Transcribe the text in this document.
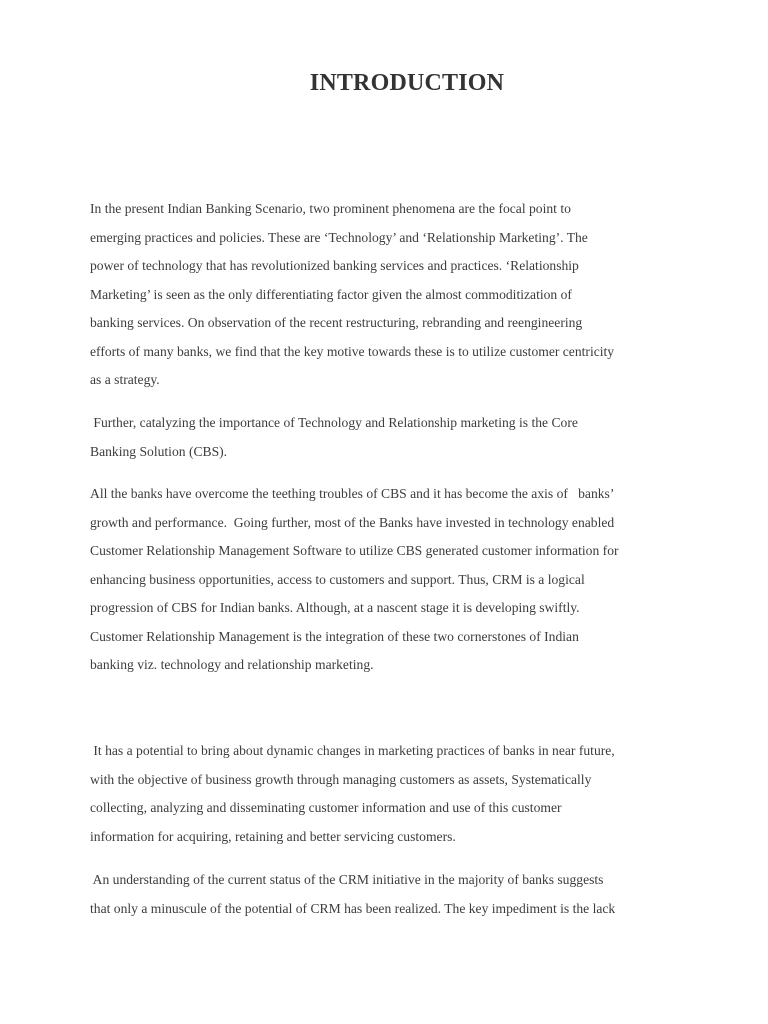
INTRODUCTION
In the present Indian Banking Scenario, two prominent phenomena are the focal point to
emerging practices and policies. These are ‘Technology’ and ‘Relationship Marketing’. The
power of technology that has revolutionized banking services and practices. ‘Relationship
Marketing’ is seen as the only differentiating factor given the almost commoditization of
banking services. On observation of the recent restructuring, rebranding and reengineering
efforts of many banks, we find that the key motive towards these is to utilize customer centricity
as a strategy.
Further, catalyzing the importance of Technology and Relationship marketing is the Core
Banking Solution (CBS).
All the banks have overcome the teething troubles of CBS and it has become the axis of   banks’
growth and performance.  Going further, most of the Banks have invested in technology enabled
Customer Relationship Management Software to utilize CBS generated customer information for
enhancing business opportunities, access to customers and support. Thus, CRM is a logical
progression of CBS for Indian banks. Although, at a nascent stage it is developing swiftly.
Customer Relationship Management is the integration of these two cornerstones of Indian
banking viz. technology and relationship marketing.
It has a potential to bring about dynamic changes in marketing practices of banks in near future,
with the objective of business growth through managing customers as assets, Systematically
collecting, analyzing and disseminating customer information and use of this customer
information for acquiring, retaining and better servicing customers.
An understanding of the current status of the CRM initiative in the majority of banks suggests
that only a minuscule of the potential of CRM has been realized. The key impediment is the lack
